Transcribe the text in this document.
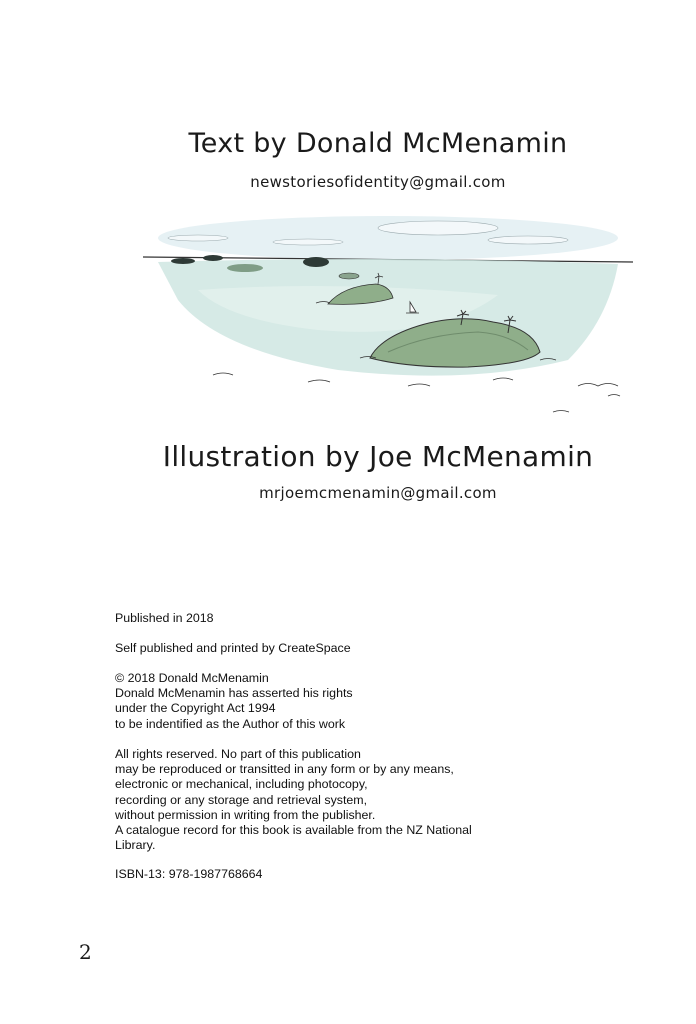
Text by Donald McMenamin
newstoriesofidentity@gmail.com
Illustration by Joe McMenamin
mrjoemcmenamin@gmail.com

Published in 2018

Self published and printed by CreateSpace

© 2018 Donald McMenamin

Donald McMenamin has asserted his rights

under the Copyright Act 1994

to be indentified as the Author of this work

All rights reserved. No part of this publication

may be reproduced or transitted in any form or by any means,

electronic or mechanical, including photocopy,

recording or any storage and retrieval system,

without permission in writing from the publisher.

A catalogue record for this book is available from the NZ National

Library.

ISBN-13: 978-1987768664

2
